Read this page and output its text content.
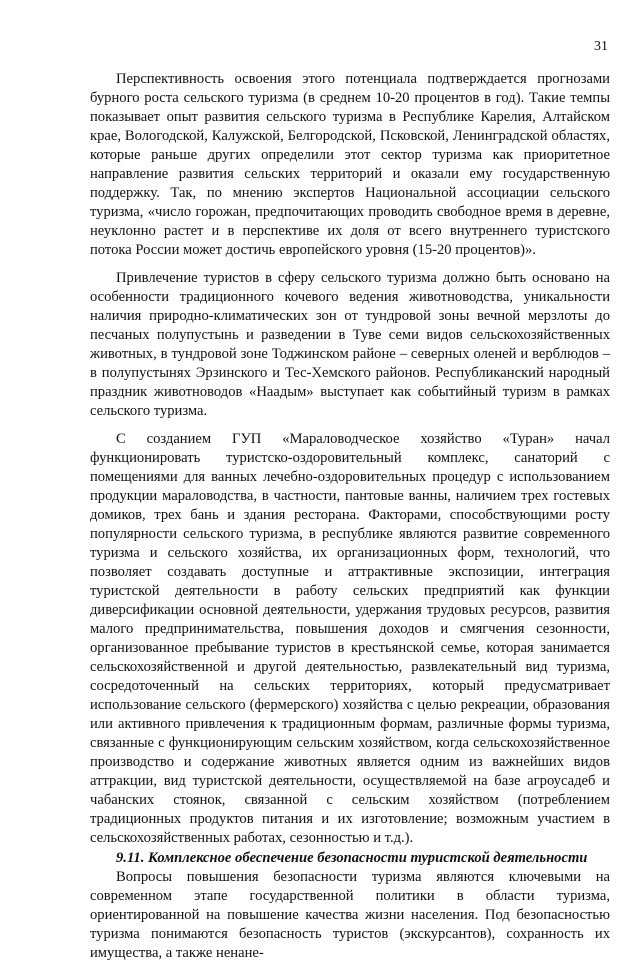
31

Перспективность освоения этого потенциала подтверждается прогнозами бурного роста сельского туризма (в среднем 10-20 процентов в год). Такие темпы показывает опыт развития сельского туризма в Республике Карелия, Алтайском крае, Вологодской, Калужской, Белгородской, Псковской, Ленинградской областях, которые раньше других определили этот сектор туризма как приоритетное направление развития сельских территорий и оказали ему государственную поддержку. Так, по мнению экспертов Национальной ассоциации сельского туризма, «число горожан, предпочитающих проводить свободное время в деревне, неуклонно растет и в перспективе их доля от всего внутреннего туристского потока России может достичь европейского уровня (15-20 процентов)».

Привлечение туристов в сферу сельского туризма должно быть основано на особенности традиционного кочевого ведения животноводства, уникальности наличия природно-климатических зон от тундровой зоны вечной мерзлоты до песчаных полупустынь и разведении в Туве семи видов сельскохозяйственных животных, в тундровой зоне Тоджинском районе – северных оленей и верблюдов – в полупустынях Эрзинского и Тес-Хемского районов. Республиканский народный праздник животноводов «Наадым» выступает как событийный туризм в рамках сельского туризма.

С созданием ГУП «Мараловодческое хозяйство «Туран» начал функционировать туристско-оздоровительный комплекс, санаторий с помещениями для ванных лечебно-оздоровительных процедур с использованием продукции мараловодства, в частности, пантовые ванны, наличием трех гостевых домиков, трех бань и здания ресторана. Факторами, способствующими росту популярности сельского туризма, в республике являются развитие современного туризма и сельского хозяйства, их организационных форм, технологий, что позволяет создавать доступные и аттрактивные экспозиции, интеграция туристской деятельности в работу сельских предприятий как функции диверсификации основной деятельности, удержания трудовых ресурсов, развития малого предпринимательства, повышения доходов и смягчения сезонности, организованное пребывание туристов в крестьянской семье, которая занимается сельскохозяйственной и другой деятельностью, развлекательный вид туризма, сосредоточенный на сельских территориях, который предусматривает использование сельского (фермерского) хозяйства с целью рекреации, образования или активного привлечения к традиционным формам, различные формы туризма, связанные с функционирующим сельским хозяйством, когда сельскохозяйственное производство и содержание животных является одним из важнейших видов аттракции, вид туристской деятельности, осуществляемой на базе агроусадеб и чабанских стоянок, связанной с сельским хозяйством (потреблением традиционных продуктов питания и их изготовление; возможным участием в сельскохозяйственных работах, сезонностью и т.д.).

9.11. Комплексное обеспечение безопасности туристской деятельности

Вопросы повышения безопасности туризма являются ключевыми на современном этапе государственной политики в области туризма, ориентированной на повышение качества жизни населения. Под безопасностью туризма понимаются безопасность туристов (экскурсантов), сохранность их имущества, а также ненане-
